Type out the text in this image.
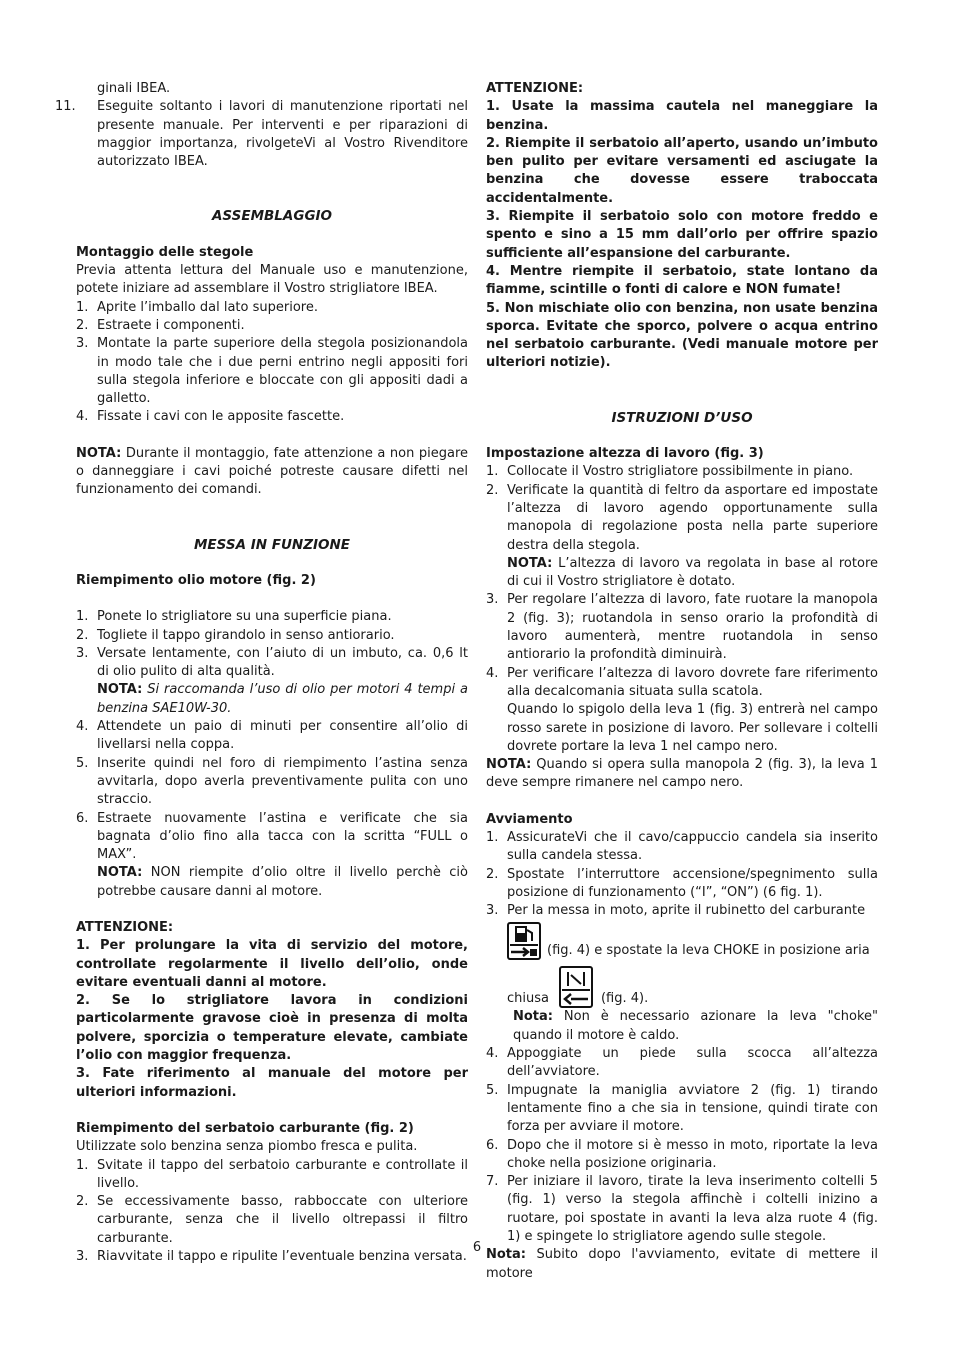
ginali IBEA.
11.	Eseguite soltanto i lavori di manutenzione riportati nel presente manuale. Per interventi e per riparazioni di maggior importanza, rivolgeteVi al Vostro Rivenditore autorizzato IBEA.

ASSEMBLAGGIO

Montaggio delle stegole

Previa attenta lettura del Manuale uso e manutenzione, potete iniziare ad assemblare il Vostro strigliatore IBEA.

1. Aprite l’imballo dal lato superiore.
2. Estraete i componenti.
3. Montate la parte superiore della stegola posizionandola in modo tale che i due perni entrino negli appositi fori sulla stegola inferiore e bloccate con gli appositi dadi a galletto.
4. Fissate i cavi con le apposite fascette.

NOTA: Durante il montaggio, fate attenzione a non piegare o danneggiare i cavi poiché potreste causare difetti nel funzionamento dei comandi.

MESSA IN FUNZIONE

Riempimento olio motore (fig. 2)

1. Ponete lo strigliatore su una superficie piana.
2. Togliete il tappo girandolo in senso antiorario.
3. Versate lentamente, con l’aiuto di un imbuto, ca. 0,6 lt di olio pulito di alta qualità.
NOTA: Si raccomanda l’uso di olio per motori 4 tempi a benzina SAE10W-30.
4. Attendete un paio di minuti per consentire all’olio di livellarsi nella coppa.
5. Inserite quindi nel foro di riempimento l’astina senza avvitarla, dopo averla preventivamente pulita con uno straccio.
6. Estraete nuovamente l’astina e verificate che sia bagnata d’olio fino alla tacca con la scritta “FULL o MAX”.
NOTA: NON riempite d’olio oltre il livello perchè ciò potrebbe causare danni al motore.

ATTENZIONE:

1. Per prolungare la vita di servizio del motore, controllate regolarmente il livello dell’olio, onde evitare eventuali danni al motore.

2. Se lo strigliatore lavora in condizioni particolarmente gravose cioè in presenza di molta polvere, sporcizia o temperature elevate, cambiate l’olio con maggior frequenza.

3. Fate riferimento al manuale del motore per ulteriori informazioni.

Riempimento del serbatoio carburante (fig. 2)

Utilizzate solo benzina senza piombo fresca e pulita.

1. Svitate il tappo del serbatoio carburante e controllate il livello.
2. Se eccessivamente basso, rabboccate con ulteriore carburante, senza che il livello oltrepassi il filtro carburante.
3. Riavvitate il tappo e ripulite l’eventuale benzina versata.

ATTENZIONE:

1. Usate la massima cautela nel maneggiare la benzina.

2. Riempite il serbatoio all’aperto, usando un’imbuto ben pulito per evitare versamenti ed asciugate la benzina che dovesse essere traboccata accidentalmente.

3. Riempite il serbatoio solo con motore freddo e spento e sino a 15 mm dall’orlo per offrire spazio sufficiente all’espansione del carburante.

4. Mentre riempite il serbatoio, state lontano da fiamme, scintille o fonti di calore e NON fumate!

5. Non mischiate olio con benzina, non usate benzina sporca. Evitate che sporco, polvere o acqua entrino nel serbatoio carburante. (Vedi manuale motore per ulteriori notizie).

ISTRUZIONI D’USO

Impostazione altezza di lavoro (fig. 3)

1. Collocate il Vostro strigliatore possibilmente in piano.
2. Verificate la quantità di feltro da asportare ed impostate l’altezza di lavoro agendo opportunamente sulla manopola di regolazione posta nella parte superiore destra della stegola.
NOTA: L’altezza di lavoro va regolata in base al rotore di cui il Vostro strigliatore è dotato.
3. Per regolare l’altezza di lavoro, fate ruotare la manopola 2 (fig. 3); ruotandola in senso orario la profondità di lavoro aumenterà, mentre ruotandola in senso antiorario la profondità diminuirà.
4. Per verificare l’altezza di lavoro dovrete fare riferimento alla decalcomania situata sulla scatola.
Quando lo spigolo della leva 1 (fig. 3) entrerà nel campo rosso sarete in posizione di lavoro. Per sollevare i coltelli dovrete portare la leva 1 nel campo nero.

NOTA: Quando si opera sulla manopola 2 (fig. 3), la leva 1 deve sempre rimanere nel campo nero.

Avviamento

1. AssicurateVi che il cavo/cappuccio candela sia inserito sulla candela stessa.
2. Spostate l’interruttore accensione/spegnimento sulla posizione di funzionamento (“I”, “ON”) (6 fig. 1).
3. Per la messa in moto, aprite il rubinetto del carburante
(fig. 4) e spostate la leva CHOKE in posizione aria
chiusa	(fig. 4).
Nota: Non è necessario azionare la leva "choke" quando il motore è caldo.
4. Appoggiate un piede sulla scocca all’altezza dell’avviatore.
5. Impugnate la maniglia avviatore 2 (fig. 1) tirando lentamente fino a che sia in tensione, quindi tirate con forza per avviare il motore.
6. Dopo che il motore si è messo in moto, riportate la leva choke nella posizione originaria.
7. Per iniziare il lavoro, tirate la leva inserimento coltelli 5 (fig. 1) verso la stegola affinchè i coltelli inizino a ruotare, poi spostate in avanti la leva alza ruote 4 (fig. 1) e spingete lo strigliatore agendo sulle stegole.

Nota: Subito dopo l'avviamento, evitate di mettere il motore

6
